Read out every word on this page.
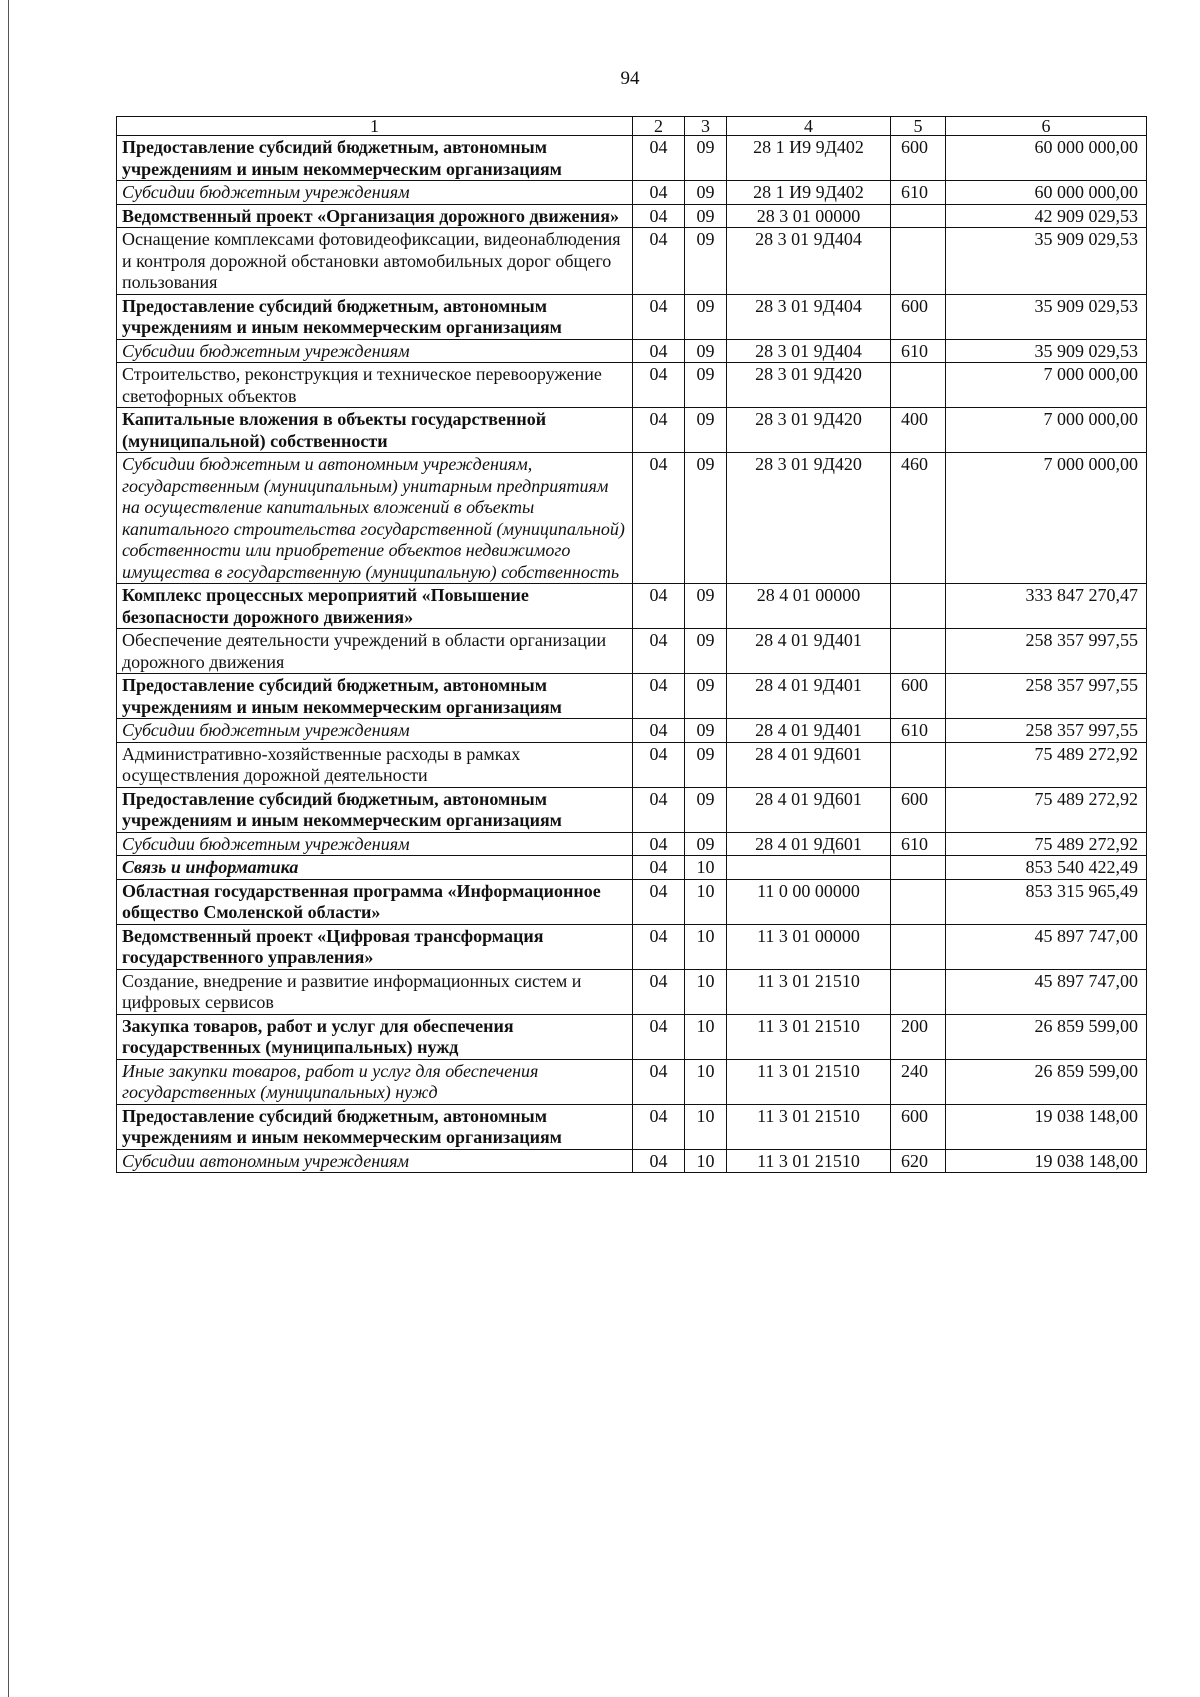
94
1	2	3	4	5	6
Предоставление субсидий бюджетным, автономным учреждениям и иным некоммерческим организациям	04	09	28 1 И9 9Д402	600	60 000 000,00
Субсидии бюджетным учреждениям	04	09	28 1 И9 9Д402	610	60 000 000,00
Ведомственный проект «Организация дорожного движения»	04	09	28 3 01 00000		42 909 029,53
Оснащение комплексами фотовидеофиксации, видеонаблюдения и контроля дорожной обстановки автомобильных дорог общего пользования	04	09	28 3 01 9Д404		35 909 029,53
Предоставление субсидий бюджетным, автономным учреждениям и иным некоммерческим организациям	04	09	28 3 01 9Д404	600	35 909 029,53
Субсидии бюджетным учреждениям	04	09	28 3 01 9Д404	610	35 909 029,53
Строительство, реконструкция и техническое перевооружение светофорных объектов	04	09	28 3 01 9Д420		7 000 000,00
Капитальные вложения в объекты государственной (муниципальной) собственности	04	09	28 3 01 9Д420	400	7 000 000,00
Субсидии бюджетным и автономным учреждениям, государственным (муниципальным) унитарным предприятиям на осуществление капитальных вложений в объекты капитального строительства государственной (муниципальной) собственности или приобретение объектов недвижимого имущества в государственную (муниципальную) собственность	04	09	28 3 01 9Д420	460	7 000 000,00
Комплекс процессных мероприятий «Повышение безопасности дорожного движения»	04	09	28 4 01 00000		333 847 270,47
Обеспечение деятельности учреждений в области организации дорожного движения	04	09	28 4 01 9Д401		258 357 997,55
Предоставление субсидий бюджетным, автономным учреждениям и иным некоммерческим организациям	04	09	28 4 01 9Д401	600	258 357 997,55
Субсидии бюджетным учреждениям	04	09	28 4 01 9Д401	610	258 357 997,55
Административно-хозяйственные расходы в рамках осуществления дорожной деятельности	04	09	28 4 01 9Д601		75 489 272,92
Предоставление субсидий бюджетным, автономным учреждениям и иным некоммерческим организациям	04	09	28 4 01 9Д601	600	75 489 272,92
Субсидии бюджетным учреждениям	04	09	28 4 01 9Д601	610	75 489 272,92
Связь и информатика	04	10			853 540 422,49
Областная государственная программа «Информационное общество Смоленской области»	04	10	11 0 00 00000		853 315 965,49
Ведомственный проект «Цифровая трансформация государственного управления»	04	10	11 3 01 00000		45 897 747,00
Создание, внедрение и развитие информационных систем и цифровых сервисов	04	10	11 3 01 21510		45 897 747,00
Закупка товаров, работ и услуг для обеспечения государственных (муниципальных) нужд	04	10	11 3 01 21510	200	26 859 599,00
Иные закупки товаров, работ и услуг для обеспечения государственных (муниципальных) нужд	04	10	11 3 01 21510	240	26 859 599,00
Предоставление субсидий бюджетным, автономным учреждениям и иным некоммерческим организациям	04	10	11 3 01 21510	600	19 038 148,00
Субсидии автономным учреждениям	04	10	11 3 01 21510	620	19 038 148,00
